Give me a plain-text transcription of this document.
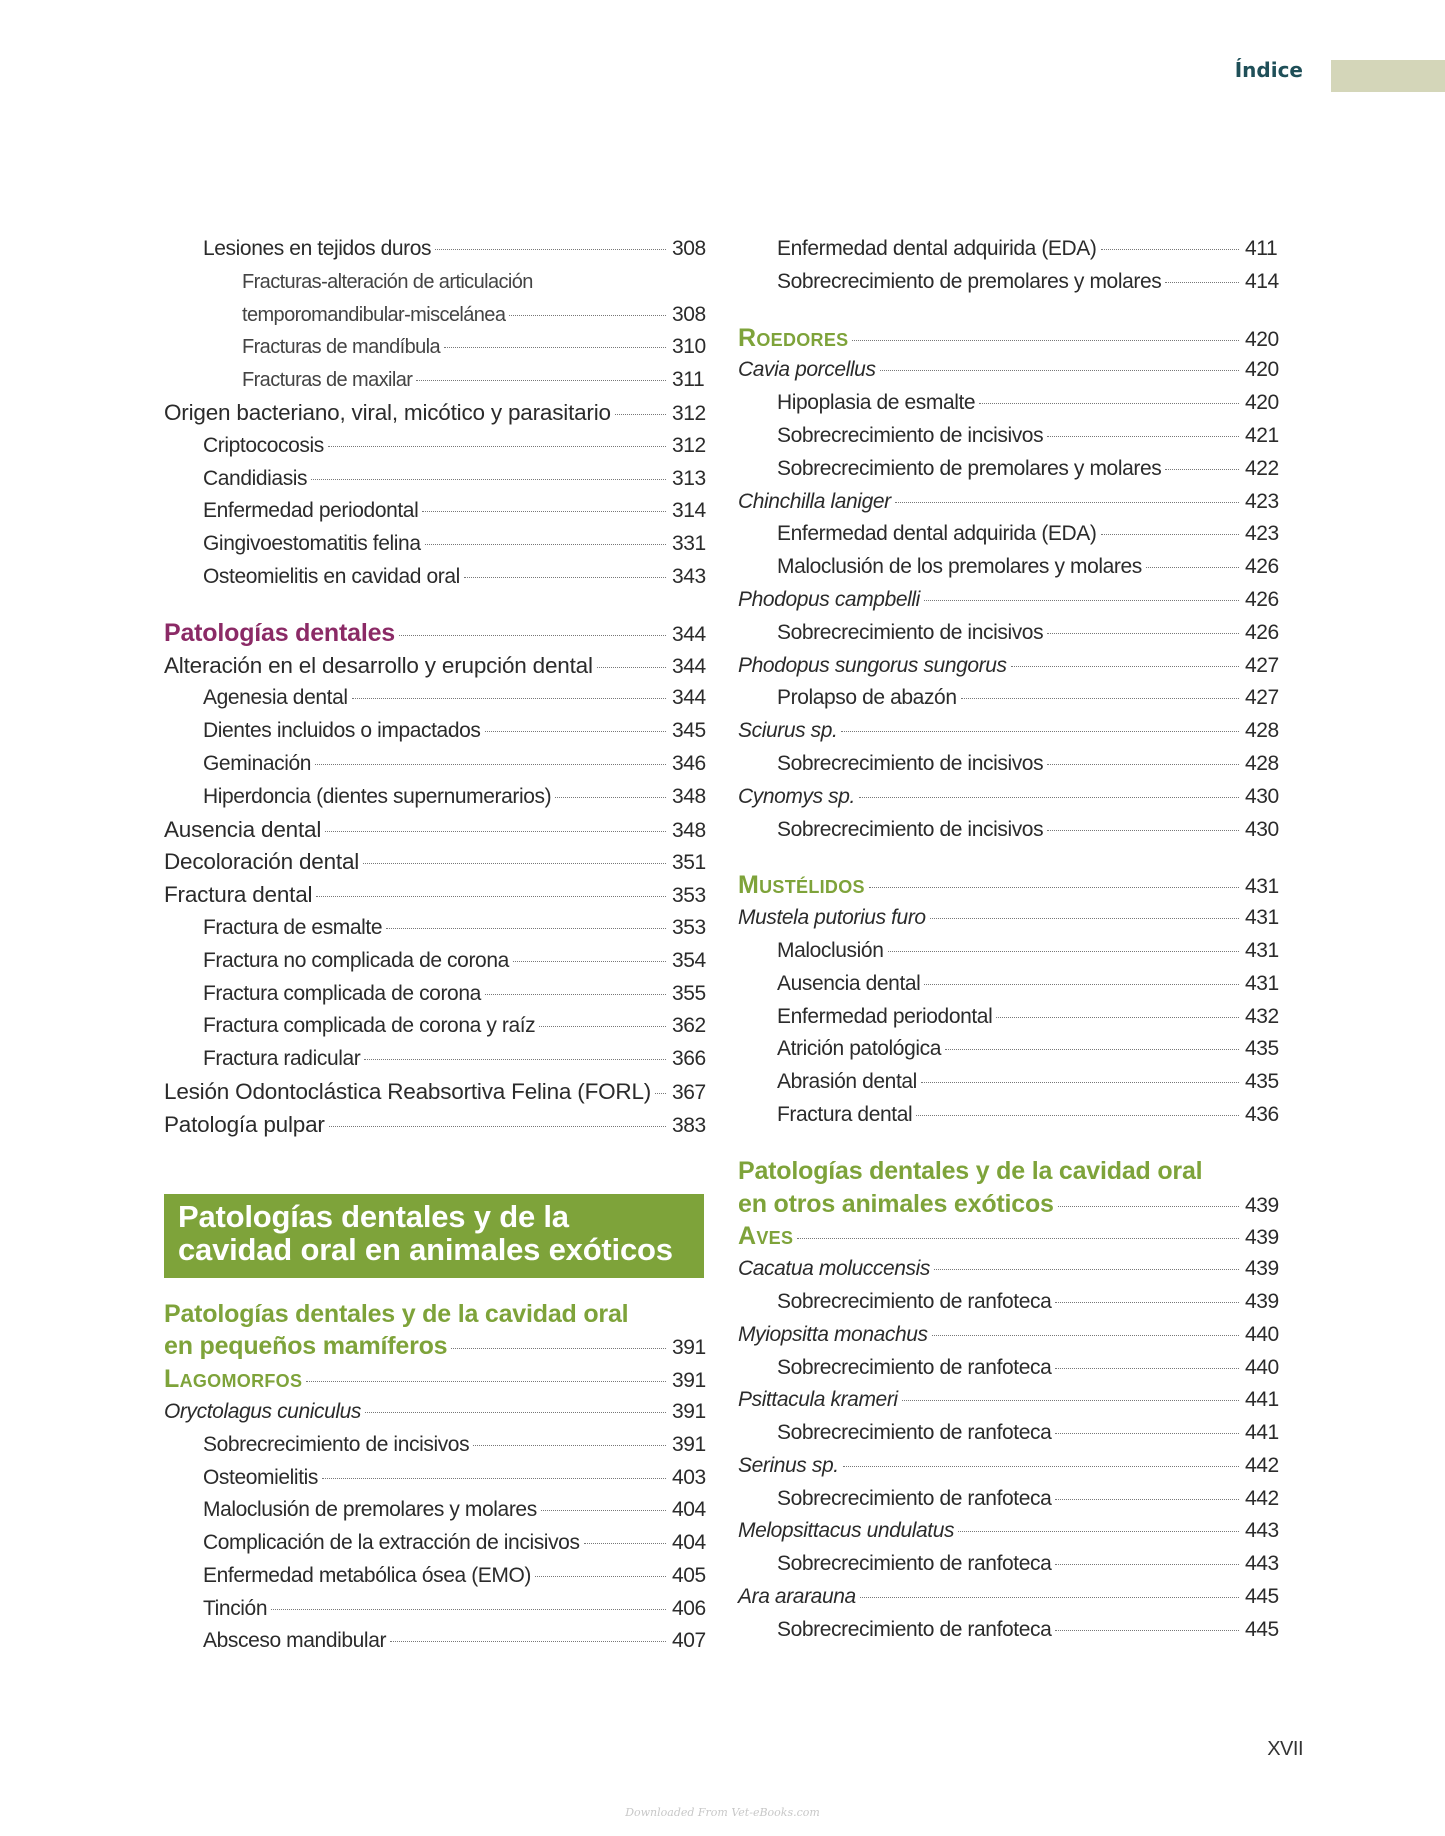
Índice
Lesiones en tejidos duros	308
Fracturas-alteración de articulación
temporomandibular-miscelánea	308
Fracturas de mandíbula	310
Fracturas de maxilar	311
Origen bacteriano, viral, micótico y parasitario	312
Criptococosis	312
Candidiasis	313
Enfermedad periodontal	314
Gingivoestomatitis felina	331
Osteomielitis en cavidad oral	343
Patologías dentales	344
Alteración en el desarrollo y erupción dental	344
Agenesia dental	344
Dientes incluidos o impactados	345
Geminación	346
Hiperdoncia (dientes supernumerarios)	348
Ausencia dental	348
Decoloración dental	351
Fractura dental	353
Fractura de esmalte	353
Fractura no complicada de corona	354
Fractura complicada de corona	355
Fractura complicada de corona y raíz	362
Fractura radicular	366
Lesión Odontoclástica Reabsortiva Felina (FORL) 367
Patología pulpar	383
Patologías dentales y de la
cavidad oral en animales exóticos
Patologías dentales y de la cavidad oral
en pequeños mamíferos	391
Lagomorfos	391
Oryctolagus cuniculus	391
Sobrecrecimiento de incisivos	391
Osteomielitis	403
Maloclusión de premolares y molares	404
Complicación de la extracción de incisivos	404
Enfermedad metabólica ósea (EMO)	405
Tinción	406
Absceso mandibular	407
Enfermedad dental adquirida (EDA)	411
Sobrecrecimiento de premolares y molares	414
Roedores	420
Cavia porcellus	420
Hipoplasia de esmalte	420
Sobrecrecimiento de incisivos	421
Sobrecrecimiento de premolares y molares	422
Chinchilla laniger	423
Enfermedad dental adquirida (EDA)	423
Maloclusión de los premolares y molares	426
Phodopus campbelli	426
Sobrecrecimiento de incisivos	426
Phodopus sungorus sungorus	427
Prolapso de abazón	427
Sciurus sp.	428
Sobrecrecimiento de incisivos	428
Cynomys sp.	430
Sobrecrecimiento de incisivos	430
Mustélidos	431
Mustela putorius furo	431
Maloclusión	431
Ausencia dental	431
Enfermedad periodontal	432
Atrición patológica	435
Abrasión dental	435
Fractura dental	436
Patologías dentales y de la cavidad oral
en otros animales exóticos	439
Aves	439
Cacatua moluccensis	439
Sobrecrecimiento de ranfoteca	439
Myiopsitta monachus	440
Sobrecrecimiento de ranfoteca	440
Psittacula krameri	441
Sobrecrecimiento de ranfoteca	441
Serinus sp.	442
Sobrecrecimiento de ranfoteca	442
Melopsittacus undulatus	443
Sobrecrecimiento de ranfoteca	443
Ara ararauna	445
Sobrecrecimiento de ranfoteca	445
XVII
Downloaded From Vet-eBooks.com
